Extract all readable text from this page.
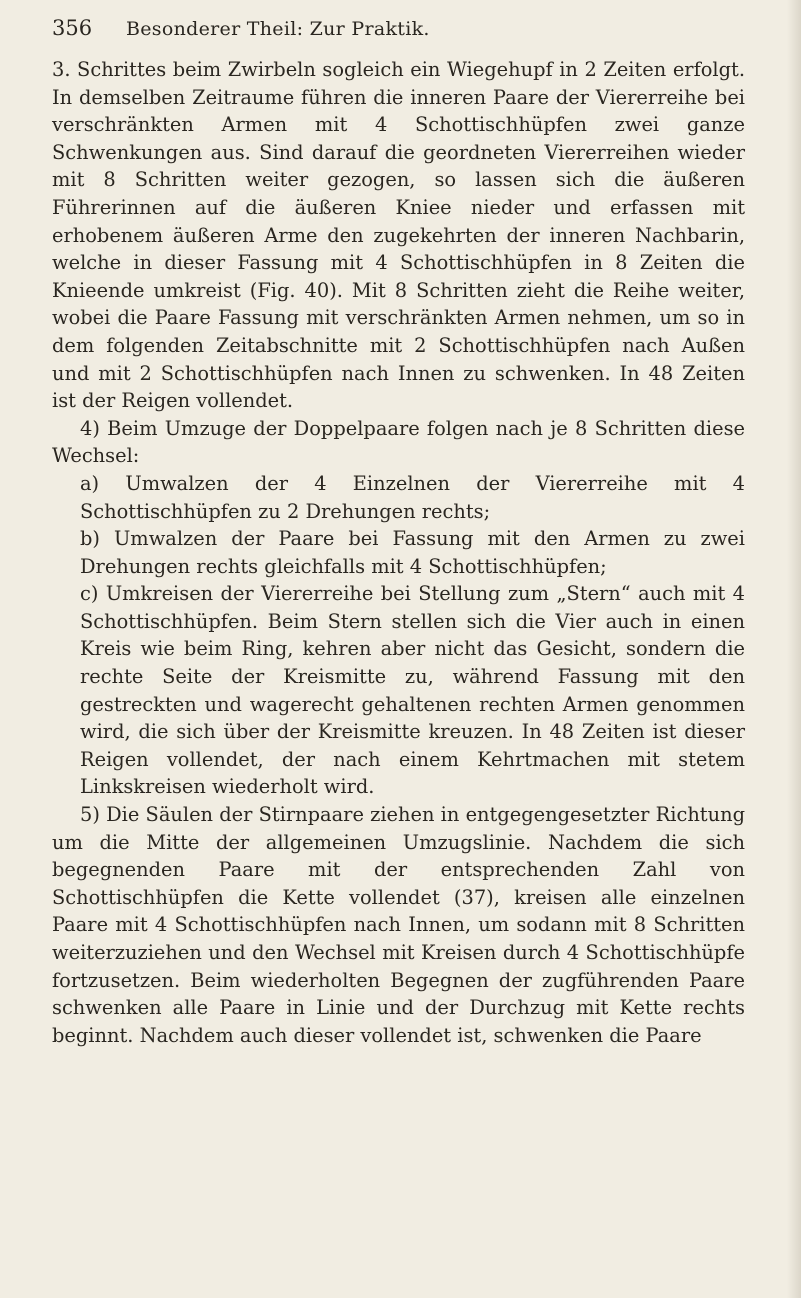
356	Besonderer Theil: Zur Praktik.

3. Schrittes beim Zwirbeln sogleich ein Wiegehupf in 2 Zeiten erfolgt. In demselben Zeitraume führen die inneren Paare der Viererreihe bei verschränkten Armen mit 4 Schottischhüpfen zwei ganze Schwenkungen aus. Sind darauf die geordneten Viererreihen wieder mit 8 Schritten weiter gezogen, so lassen sich die äußeren Führerinnen auf die äußeren Kniee nieder und erfassen mit erhobenem äußeren Arme den zugekehrten der inneren Nachbarin, welche in dieser Fassung mit 4 Schottischhüpfen in 8 Zeiten die Knieende umkreist (Fig. 40). Mit 8 Schritten zieht die Reihe weiter, wobei die Paare Fassung mit verschränkten Armen nehmen, um so in dem folgenden Zeitabschnitte mit 2 Schottischhüpfen nach Außen und mit 2 Schottischhüpfen nach Innen zu schwenken. In 48 Zeiten ist der Reigen vollendet.

4) Beim Umzuge der Doppelpaare folgen nach je 8 Schritten diese Wechsel:

a) Umwalzen der 4 Einzelnen der Viererreihe mit 4 Schottischhüpfen zu 2 Drehungen rechts;

b) Umwalzen der Paare bei Fassung mit den Armen zu zwei Drehungen rechts gleichfalls mit 4 Schottischhüpfen;

c) Umkreisen der Viererreihe bei Stellung zum „Stern“ auch mit 4 Schottischhüpfen. Beim Stern stellen sich die Vier auch in einen Kreis wie beim Ring, kehren aber nicht das Gesicht, sondern die rechte Seite der Kreismitte zu, während Fassung mit den gestreckten und wagerecht gehaltenen rechten Armen genommen wird, die sich über der Kreismitte kreuzen. In 48 Zeiten ist dieser Reigen vollendet, der nach einem Kehrtmachen mit stetem Linkskreisen wiederholt wird.

5) Die Säulen der Stirnpaare ziehen in entgegengesetzter Richtung um die Mitte der allgemeinen Umzugslinie. Nachdem die sich begegnenden Paare mit der entsprechenden Zahl von Schottischhüpfen die Kette vollendet (37), kreisen alle einzelnen Paare mit 4 Schottischhüpfen nach Innen, um sodann mit 8 Schritten weiterzuziehen und den Wechsel mit Kreisen durch 4 Schottischhüpfe fortzusetzen. Beim wiederholten Begegnen der zugführenden Paare schwenken alle Paare in Linie und der Durchzug mit Kette rechts beginnt. Nachdem auch dieser vollendet ist, schwenken die Paare
